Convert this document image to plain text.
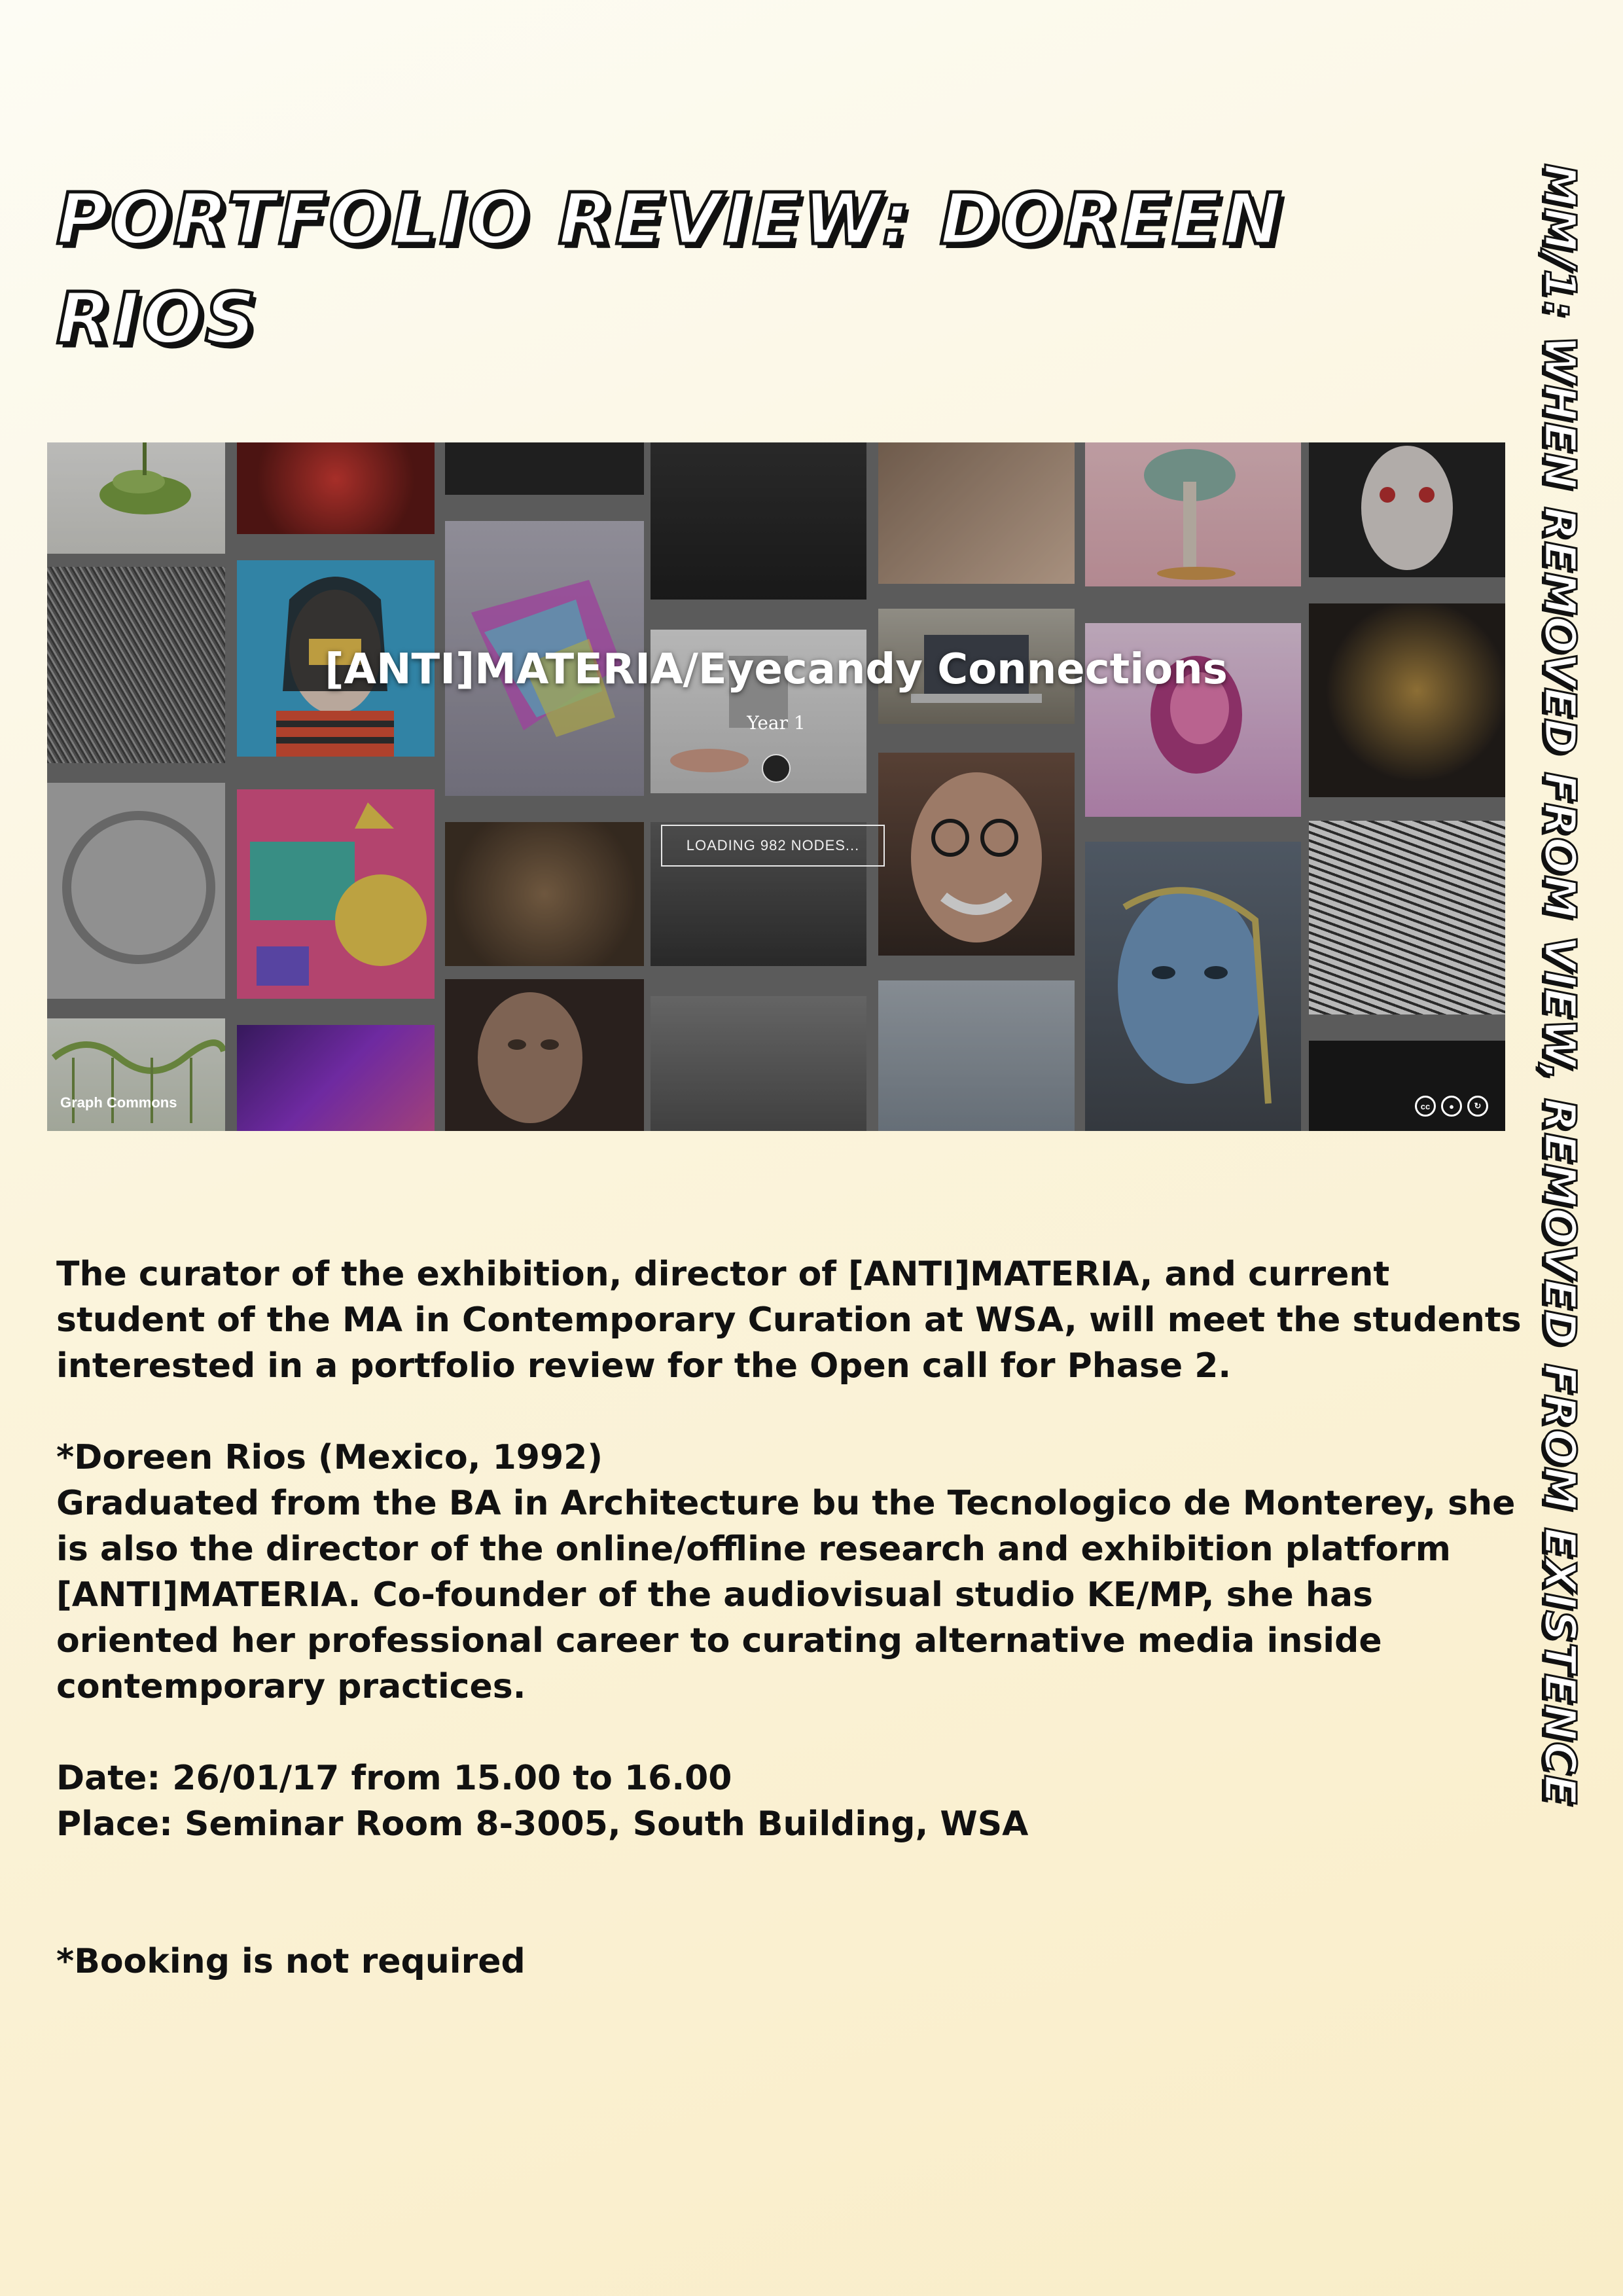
PORTFOLIO REVIEW: DOREEN RIOS	MM/1: WHEN REMOVED FROM VIEW, REMOVED FROM EXISTENCE
[ANTI]MATERIA/Eyecandy Connections
Year 1
LOADING 982 NODES...
Graph Commons	cc	●	↻

The curator of the exhibition, director of [ANTI]MATERIA, and current student of the MA in Contemporary Curation at WSA, will meet the students interested in a portfolio review for the Open call for Phase 2.

*Doreen Rios (Mexico, 1992)

Graduated from the BA in Architecture bu the Tecnologico de Monterey, she is also the director of the online/offline research and exhibition platform [ANTI]MATERIA. Co-founder of the audiovisual studio KE/MP, she has oriented her professional career to curating alternative media inside contemporary practices.

Date: 26/01/17 from 15.00 to 16.00

Place: Seminar Room 8-3005, South Building, WSA

*Booking is not required
